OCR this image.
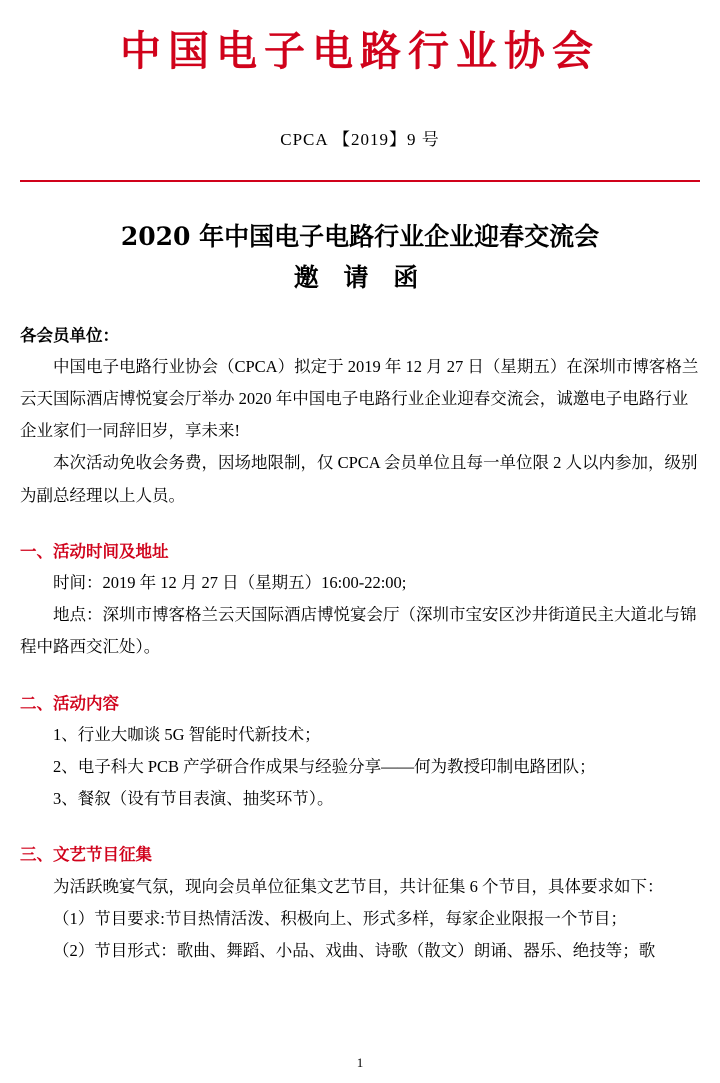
中国电子电路行业协会
CPCA 【2019】9 号
2020 年中国电子电路行业企业迎春交流会
邀 请 函
各会员单位：

中国电子电路行业协会（CPCA）拟定于 2019 年 12 月 27 日（星期五）在深圳市博客格兰云天国际酒店博悦宴会厅举办 2020 年中国电子电路行业企业迎春交流会，诚邀电子电路行业企业家们一同辞旧岁，享未来!

本次活动免收会务费，因场地限制，仅 CPCA 会员单位且每一单位限 2 人以内参加，级别为副总经理以上人员。

一、活动时间及地址
时间：2019 年 12 月 27 日（星期五）16:00-22:00;
地点：深圳市博客格兰云天国际酒店博悦宴会厅（深圳市宝安区沙井街道民主大道北与锦程中路西交汇处）。
二、活动内容
1、行业大咖谈 5G 智能时代新技术；
2、电子科大 PCB 产学研合作成果与经验分享——何为教授印制电路团队；
3、餐叙（设有节目表演、抽奖环节）。
三、文艺节目征集
为活跃晚宴气氛，现向会员单位征集文艺节目，共计征集 6 个节目，具体要求如下：
（1）节目要求:节目热情活泼、积极向上、形式多样，每家企业限报一个节目；
（2）节目形式：歌曲、舞蹈、小品、戏曲、诗歌（散文）朗诵、器乐、绝技等；歌
1
